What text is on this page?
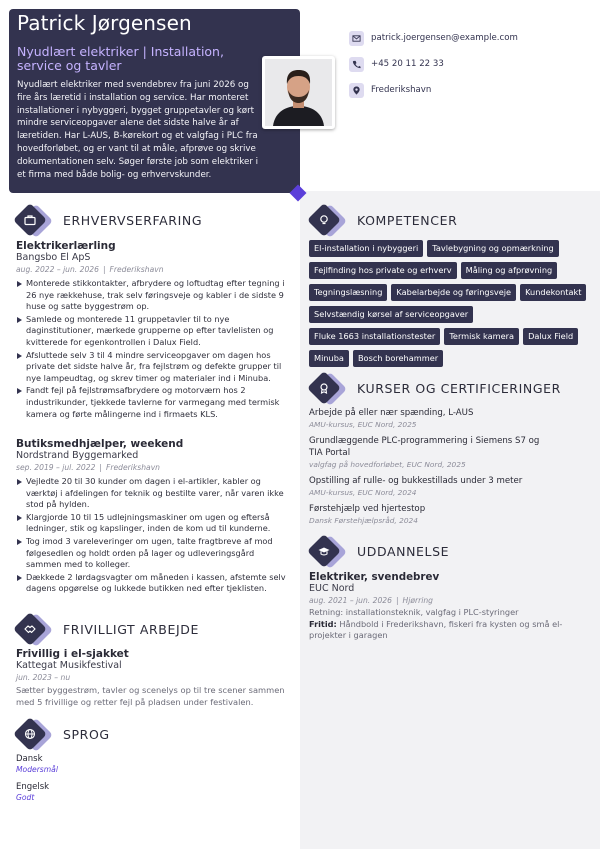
Patrick Jørgensen
Nyudlært elektriker | Installation, service og tavler
Nyudlært elektriker med svendebrev fra juni 2026 og fire års læretid i installation og service. Har monteret installationer i nybyggeri, bygget gruppetavler og kørt mindre serviceopgaver alene det sidste halve år af læretiden. Har L-AUS, B-kørekort og et valgfag i PLC fra hovedforløbet, og er vant til at måle, afprøve og skrive dokumentationen selv. Søger første job som elektriker i et firma med både bolig- og erhvervskunder.
patrick.joergensen@example.com
+45 20 11 22 33
Frederikshavn
ERHVERVSERFARING
Elektrikerlærling
Bangsbo El ApS
aug. 2022 – jun. 2026 | Frederikshavn
Monterede stikkontakter, afbrydere og loftudtag efter tegning i 26 nye rækkehuse, trak selv føringsveje og kabler i de sidste 9 huse og satte byggestrøm op.
Samlede og monterede 11 gruppetavler til to nye daginstitutioner, mærkede grupperne op efter tavlelisten og kvitterede for egenkontrollen i Dalux Field.
Afsluttede selv 3 til 4 mindre serviceopgaver om dagen hos private det sidste halve år, fra fejlstrøm og defekte grupper til nye lampeudtag, og skrev timer og materialer ind i Minuba.
Fandt fejl på fejlstrømsafbrydere og motorværn hos 2 industrikunder, tjekkede tavlerne for varmegang med termisk kamera og førte målingerne ind i firmaets KLS.
Butiksmedhjælper, weekend
Nordstrand Byggemarked
sep. 2019 – jul. 2022 | Frederikshavn
Vejledte 20 til 30 kunder om dagen i el-artikler, kabler og værktøj i afdelingen for teknik og bestilte varer, når varen ikke stod på hylden.
Klargjorde 10 til 15 udlejningsmaskiner om ugen og efterså ledninger, stik og kapslinger, inden de kom ud til kunderne.
Tog imod 3 vareleveringer om ugen, talte fragtbreve af mod følgesedlen og holdt orden på lager og udleveringsgård sammen med to kolleger.
Dækkede 2 lørdagsvagter om måneden i kassen, afstemte selv dagens opgørelse og lukkede butikken ned efter tjeklisten.
FRIVILLIGT ARBEJDE
Frivillig i el-sjakket
Kattegat Musikfestival
jun. 2023 – nu
Sætter byggestrøm, tavler og scenelys op til tre scener sammen med 5 frivillige og retter fejl på pladsen under festivalen.
SPROG
Dansk
Modersmål
Engelsk
Godt
KOMPETENCER
El-installation i nybyggeri	Tavlebygning og opmærkning
Fejlfinding hos private og erhverv	Måling og afprøvning
Tegningslæsning	Kabelarbejde og føringsveje	Kundekontakt
Selvstændig kørsel af serviceopgaver
Fluke 1663 installationstester	Termisk kamera	Dalux Field
Minuba	Bosch borehammer
KURSER OG CERTIFICERINGER
Arbejde på eller nær spænding, L-AUS
AMU-kursus, EUC Nord, 2025
Grundlæggende PLC-programmering i Siemens S7 og TIA Portal
valgfag på hovedforløbet, EUC Nord, 2025
Opstilling af rulle- og bukkestillads under 3 meter
AMU-kursus, EUC Nord, 2024
Førstehjælp ved hjertestop
Dansk Førstehjælpsråd, 2024
UDDANNELSE
Elektriker, svendebrev
EUC Nord
aug. 2021 – jun. 2026 | Hjørring
Retning: installationsteknik, valgfag i PLC-styringer
Fritid: Håndbold i Frederikshavn, fiskeri fra kysten og små el-projekter i garagen
